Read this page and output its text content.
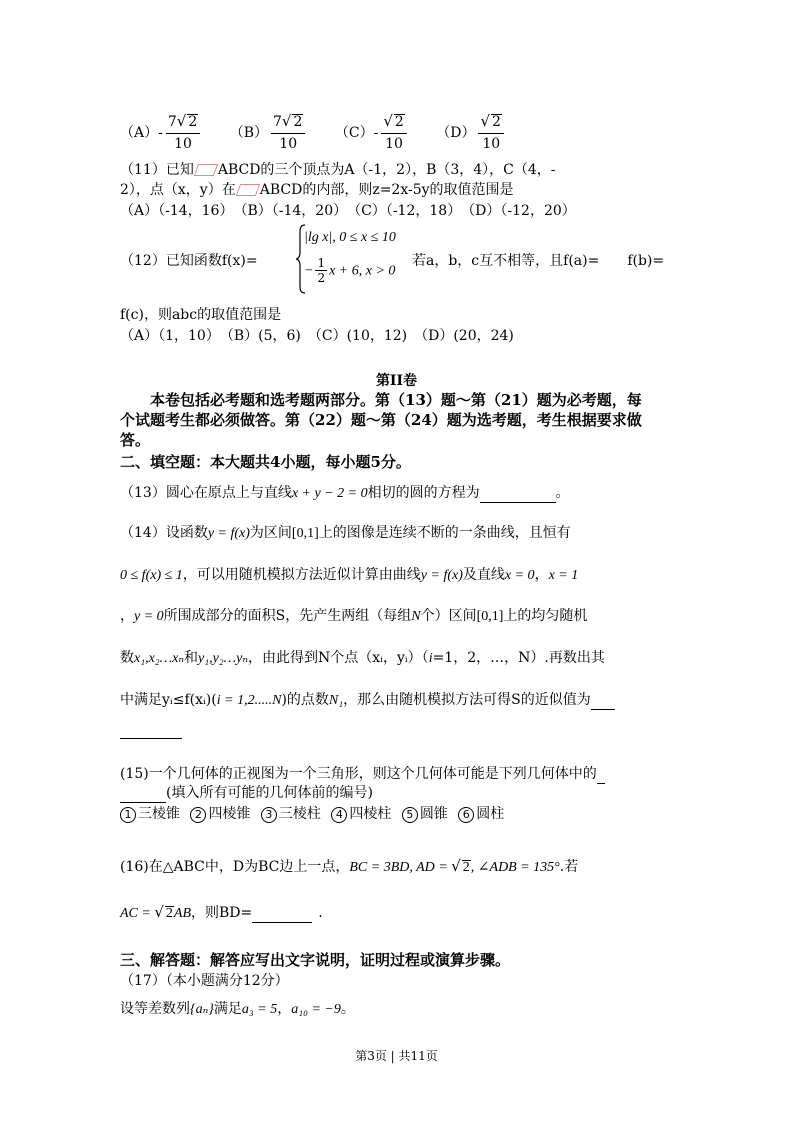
$(A)- \frac{7√ 2}{10} (B) \frac{7√ 2}{10} (C)- \frac{√ 2}{10} (D) \frac{√ 2}{10}$
（11）已知 ABCD的三个顶点为A（-1，2），B（3，4），C（4，-
2），点（x，y）在 ABCD的内部，则z=2x-5y的取值范围是
（A）（-14，16）　（B）（-14，20）　（C）（-12，18）　（D）（-12，20）
（12）已知函数f(x)=
|lg x|, 0 ≤ x ≤ 10
− $\frac{1}{2}$ x + 6, x > 0
若a，b，c互不相等，且f(a)=　　f(b)=
f(c)，则abc的取值范围是
（A）（1，10）　（B）(5，6)　（C）(10，12)　（D）(20，24)
第II卷
本卷包括必考题和选考题两部分。第（13）题～第（21）题为必考题，每
个试题考生都必须做答。第（22）题～第（24）题为选考题，考生根据要求做
答。
二、填空题：本大题共4小题，每小题5分。
（13）圆心在原点上与直线x + y − 2 = 0相切的圆的方程为	。
（14）设函数y = f(x)为区间[0,1]上的图像是连续不断的一条曲线，且恒有
0 ≤ f(x) ≤ 1，可以用随机模拟方法近似计算由曲线y = f(x)及直线x = 0，x = 1
，y = 0所围成部分的面积S，先产生两组（每组N个）区间[0,1]上的均匀随机
数x₁,x₂…xₙ和y₁,y₂…yₙ，由此得到N个点（xᵢ，yᵢ）（i=1，2，…，N）.再数出其
中满足yᵢ≤f(xᵢ)(i = 1,2.....N)的点数N₁，那么由随机模拟方法可得S的近似值为
(15)一个几何体的正视图为一个三角形，则这个几何体可能是下列几何体中的
(填入所有可能的几何体前的编号)
1 三棱锥 2 四棱锥 3 三棱柱 4 四棱柱 5 圆锥 6 圆柱
(16)在△ABC中，D为BC边上一点，BC = 3BD, AD = √ 2, ∠ADB = 135°.若
AC = √ 2AB，则BD=	.
三、解答题：解答应写出文字说明，证明过程或演算步骤。
（17）（本小题满分12分）
设等差数列{aₙ}满足a₃ = 5，a₁₀ = −9。
第3页 | 共11页
